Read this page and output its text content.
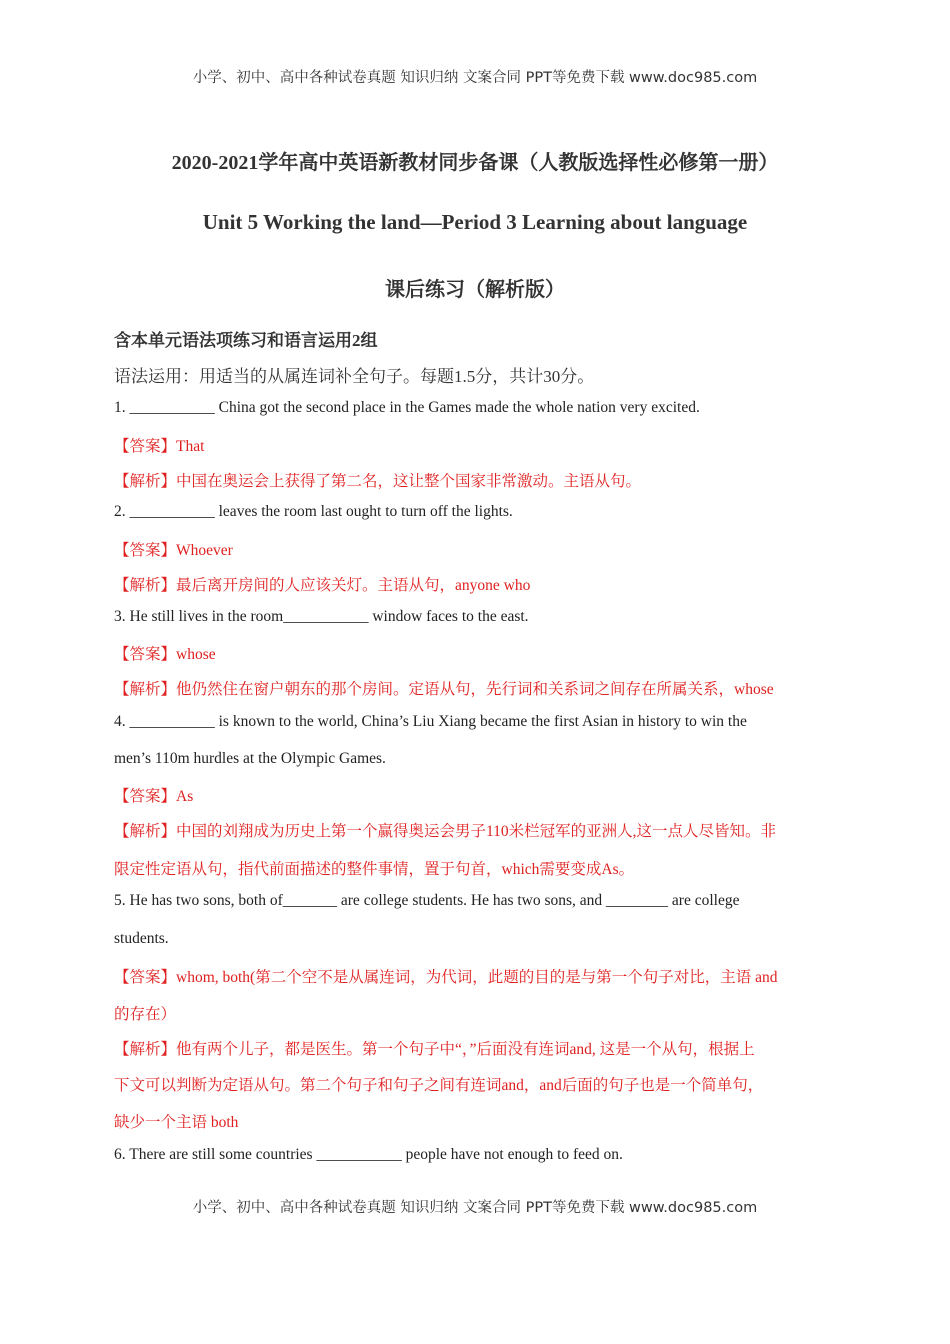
小学、初中、高中各种试卷真题 知识归纳 文案合同 PPT等免费下载 www.doc985.com
2020-2021学年高中英语新教材同步备课（人教版选择性必修第一册）
Unit 5 Working the land—Period 3 Learning about language
课后练习（解析版）
含本单元语法项练习和语言运用2组
语法运用：用适当的从属连词补全句子。每题1.5分，共计30分。
1. ___________ China got the second place in the Games made the whole nation very excited.
【答案】That
【解析】中国在奥运会上获得了第二名，这让整个国家非常激动。主语从句。
2. ___________ leaves the room last ought to turn off the lights.
【答案】Whoever
【解析】最后离开房间的人应该关灯。主语从句，anyone who
3. He still lives in the room___________ window faces to the east.
【答案】whose
【解析】他仍然住在窗户朝东的那个房间。定语从句，先行词和关系词之间存在所属关系，whose
4. ___________ is known to the world, China’s Liu Xiang became the first Asian in history to win the
men’s 110m hurdles at the Olympic Games.
【答案】As
【解析】中国的刘翔成为历史上第一个赢得奥运会男子110米栏冠军的亚洲人,这一点人尽皆知。非
限定性定语从句，指代前面描述的整件事情，置于句首，which需要变成As。
5. He has two sons, both of_______ are college students. He has two sons, and ________ are college
students.
【答案】whom, both(第二个空不是从属连词，为代词，此题的目的是与第一个句子对比，主语 and
的存在）
【解析】他有两个儿子，都是医生。第一个句子中“，”后面没有连词and, 这是一个从句，根据上
下文可以判断为定语从句。第二个句子和句子之间有连词and，and后面的句子也是一个简单句，
缺少一个主语 both
6. There are still some countries ___________ people have not enough to feed on.
小学、初中、高中各种试卷真题 知识归纳 文案合同 PPT等免费下载 www.doc985.com
